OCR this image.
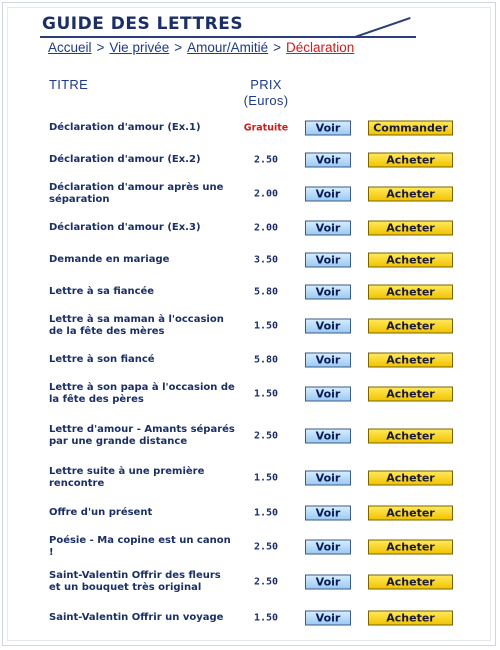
GUIDE DES LETTRES
Accueil > Vie privée > Amour/Amitié > Déclaration
TITRE	PRIX
(Euros)
Déclaration d'amour (Ex.1)	Gratuite	Voir	Commander
Déclaration d'amour (Ex.2)	2.50	Voir	Acheter
Déclaration d'amour après une séparation	2.00	Voir	Acheter
Déclaration d'amour (Ex.3)	2.00	Voir	Acheter
Demande en mariage	3.50	Voir	Acheter
Lettre à sa fiancée	5.80	Voir	Acheter
Lettre à sa maman à l'occasion de la fête des mères	1.50	Voir	Acheter
Lettre à son fiancé	5.80	Voir	Acheter
Lettre à son papa à l'occasion de la fête des pères	1.50	Voir	Acheter
Lettre d'amour - Amants séparés par une grande distance	2.50	Voir	Acheter
Lettre suite à une première rencontre	1.50	Voir	Acheter
Offre d'un présent	1.50	Voir	Acheter
Poésie - Ma copine est un canon !	2.50	Voir	Acheter
Saint-Valentin Offrir des fleurs et un bouquet très original	2.50	Voir	Acheter
Saint-Valentin Offrir un voyage	1.50	Voir	Acheter
